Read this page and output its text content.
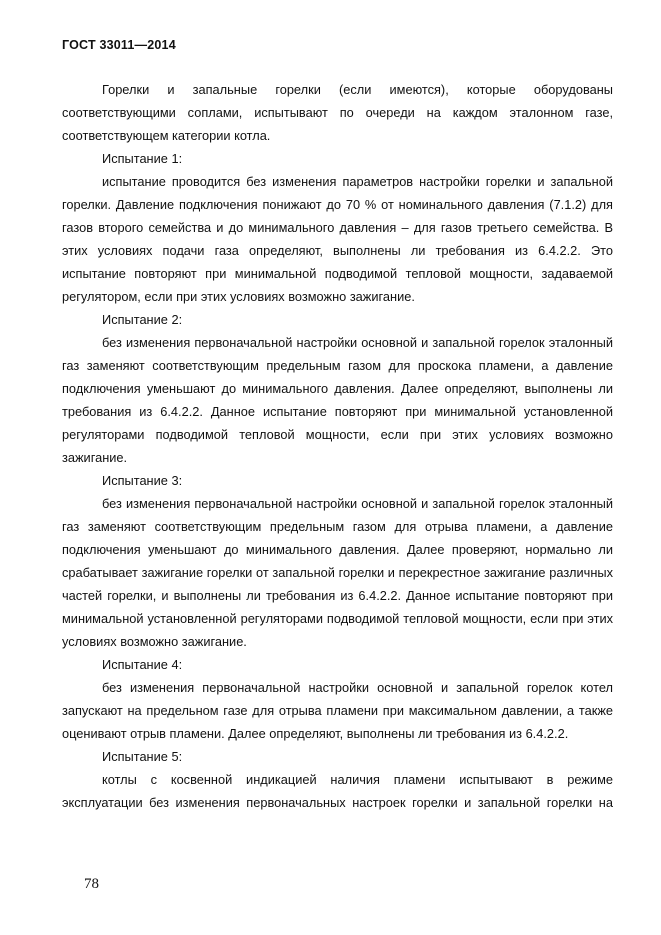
ГОСТ 33011—2014

Горелки и запальные горелки (если имеются), которые оборудованы соответствующими соплами, испытывают по очереди на каждом эталонном газе, соответствующем категории котла.

Испытание 1:

испытание проводится без изменения параметров настройки горелки и запальной горелки. Давление подключения понижают до 70 % от номинального давления (7.1.2) для газов второго семейства и до минимального давления – для газов третьего семейства. В этих условиях подачи газа определяют, выполнены ли требования из 6.4.2.2. Это испытание повторяют при минимальной подводимой тепловой мощности, задаваемой регулятором, если при этих условиях возможно зажигание.

Испытание 2:

без изменения первоначальной настройки основной и запальной горелок эталонный газ заменяют соответствующим предельным газом для проскока пламени, а давление подключения уменьшают до минимального давления. Далее определяют, выполнены ли требования из 6.4.2.2. Данное испытание повторяют при минимальной установленной регуляторами подводимой тепловой мощности, если при этих условиях возможно зажигание.

Испытание 3:

без изменения первоначальной настройки основной и запальной горелок эталонный газ заменяют соответствующим предельным газом для отрыва пламени, а давление подключения уменьшают до минимального давления. Далее проверяют, нормально ли срабатывает зажигание горелки от запальной горелки и перекрестное зажигание различных частей горелки, и выполнены ли требования из 6.4.2.2. Данное испытание повторяют при минимальной установленной регуляторами подводимой тепловой мощности, если при этих условиях возможно зажигание.

Испытание 4:

без изменения первоначальной настройки основной и запальной горелок котел запускают на предельном газе для отрыва пламени при максимальном давлении, а также оценивают отрыв пламени. Далее определяют, выполнены ли требования из 6.4.2.2.

Испытание 5:

котлы с косвенной индикацией наличия пламени испытывают в режиме эксплуатации без изменения первоначальных настроек горелки и запальной горелки на

78
